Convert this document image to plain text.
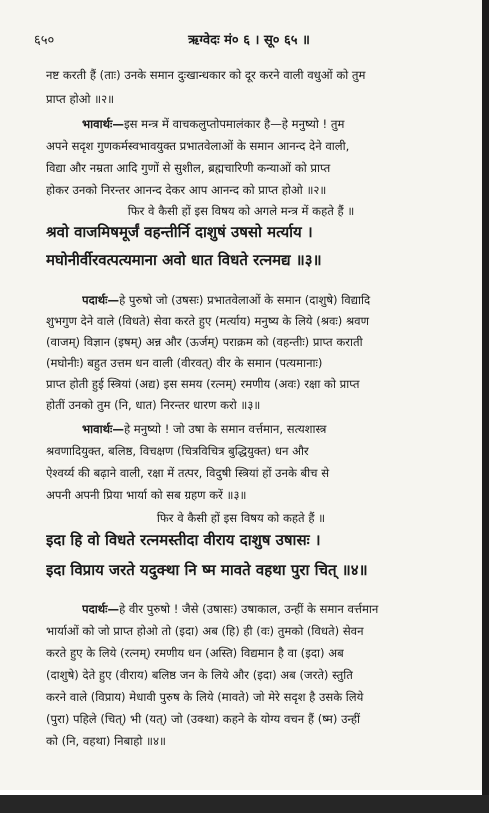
६५०	ऋग्वेदः मं० ६ । सू० ६५ ॥
नष्ट करती हैं (ताः) उनके समान दुःखान्धकार को दूर करने वाली वधुओं को तुम
प्राप्त होओ ॥२॥
भावार्थः—इस मन्त्र में वाचकलुप्तोपमालंकार है—हे मनुष्यो ! तुम
अपने सदृश गुणकर्मस्वभावयुक्त प्रभातवेलाओं के समान आनन्द देने वाली,
विद्या और नम्रता आदि गुणों से सुशील, ब्रह्मचारिणी कन्याओं को प्राप्त
होकर उनको निरन्तर आनन्द देकर आप आनन्द को प्राप्त होओ ॥२॥
फिर वे कैसी हों इस विषय को अगले मन्त्र में कहते हैं ॥
श्रवो वाजमिषमूर्जं वहन्तीर्नि दाशुषं उषसो मर्त्याय ।
मघोनीर्वीरवत्पत्यमाना अवो धात विधते रत्नमद्य ॥३॥
पदार्थः—हे पुरुषो जो (उषसः) प्रभातवेलाओं के समान (दाशुषे) विद्यादि
शुभगुण देने वाले (विधते) सेवा करते हुए (मर्त्याय) मनुष्य के लिये (श्रवः) श्रवण
(वाजम्) विज्ञान (इषम्) अन्न और (ऊर्जम्) पराक्रम को (वहन्तीः) प्राप्त कराती
(मघोनीः) बहुत उत्तम धन वाली (वीरवत्) वीर के समान (पत्यमानाः)
प्राप्त होती हुई स्त्रियां (अद्य) इस समय (रत्नम्) रमणीय (अवः) रक्षा को प्राप्त
होतीं उनको तुम (नि, धात) निरन्तर धारण करो ॥३॥
भावार्थः—हे मनुष्यो ! जो उषा के समान वर्त्तमान, सत्यशास्त्र
श्रवणादियुक्त, बलिष्ठ, विचक्षण (चित्रविचित्र बुद्धियुक्त) धन और
ऐश्वर्य्य की बढ़ाने वाली, रक्षा में तत्पर, विदुषी स्त्रियां हों उनके बीच से
अपनी अपनी प्रिया भार्या को सब ग्रहण करें ॥३॥
फिर वे कैसी हों इस विषय को कहते हैं ॥
इदा हि वो विधते रत्नमस्तीदा वीराय दाशुष उषासः ।
इदा विप्राय जरते यदुक्था नि ष्म मावते वहथा पुरा चित् ॥४॥
पदार्थः—हे वीर पुरुषो ! जैसे (उषासः) उषाकाल, उन्हीं के समान वर्त्तमान
भार्याओं को जो प्राप्त होओ तो (इदा) अब (हि) ही (वः) तुमको (विधते) सेवन
करते हुए के लिये (रत्नम्) रमणीय धन (अस्ति) विद्यमान है वा (इदा) अब
(दाशुषे) देते हुए (वीराय) बलिष्ठ जन के लिये और (इदा) अब (जरते) स्तुति
करने वाले (विप्राय) मेधावी पुरुष के लिये (मावते) जो मेरे सदृश है उसके लिये
(पुरा) पहिले (चित्) भी (यत्) जो (उक्था) कहने के योग्य वचन हैं (ष्म) उन्हीं
को (नि, वहथा) निबाहो ॥४॥
